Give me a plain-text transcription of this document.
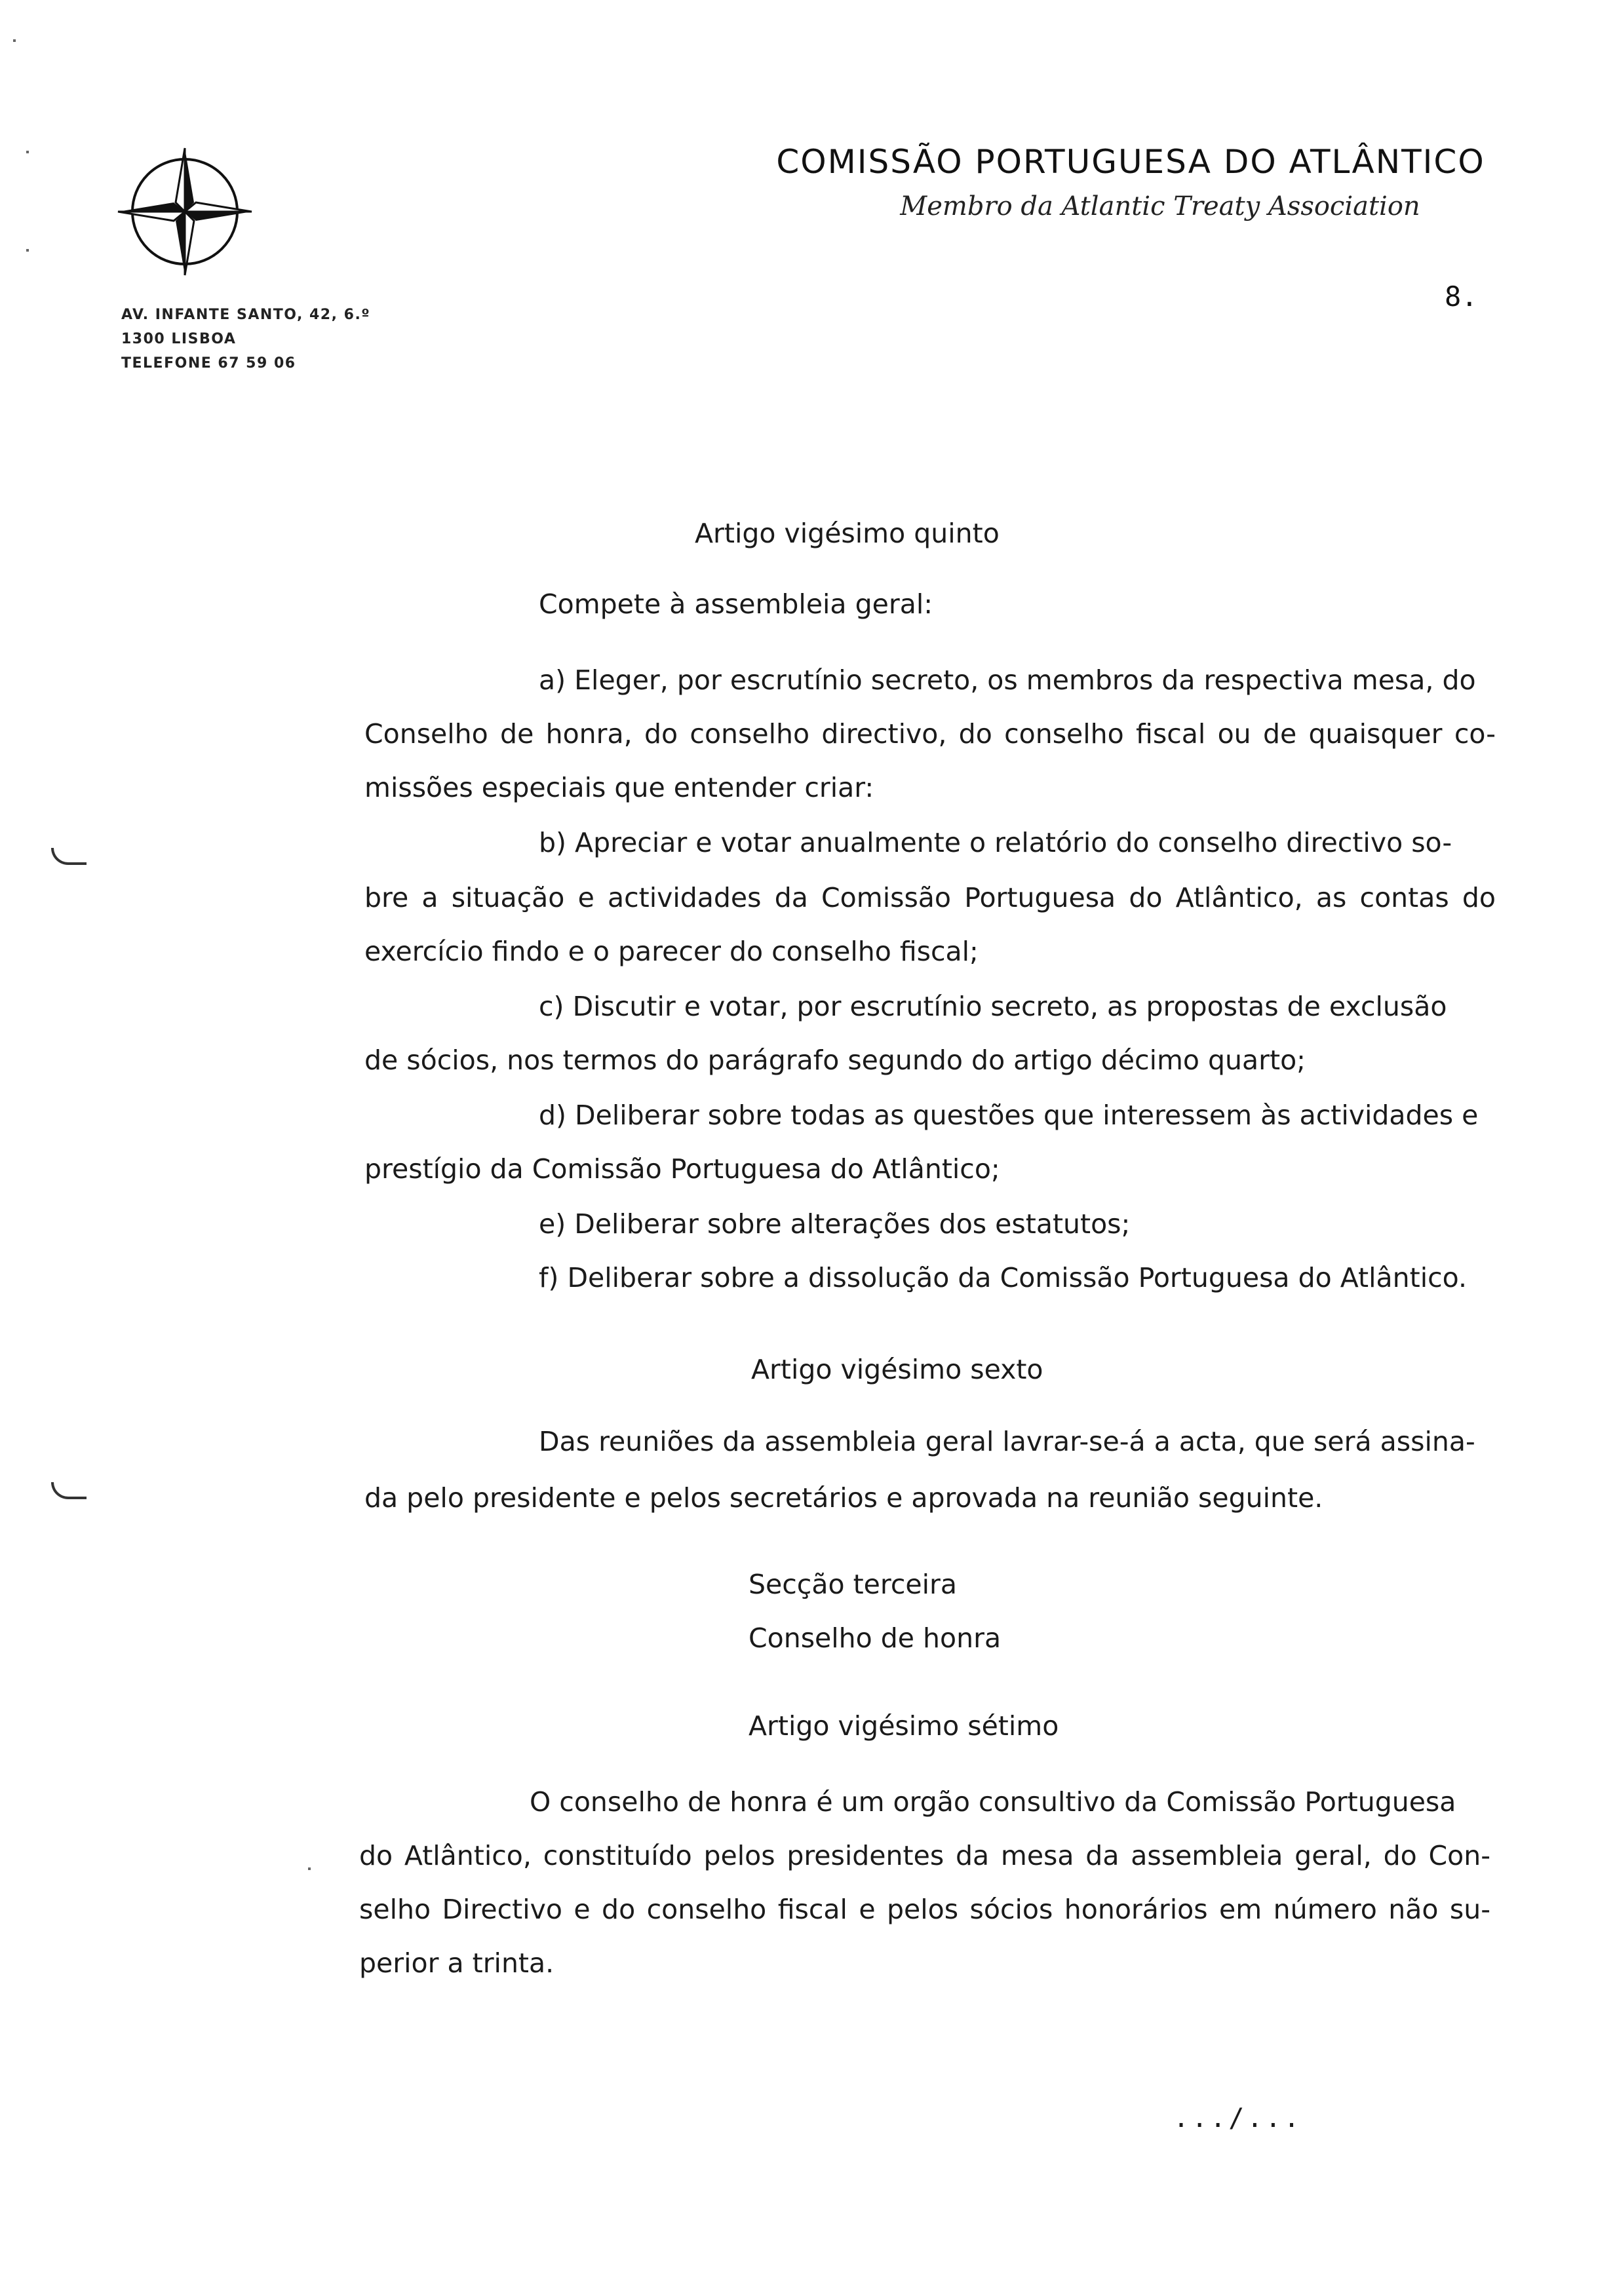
AV. INFANTE SANTO, 42, 6.º
1300 LISBOA
TELEFONE 67 59 06
COMISSÃO PORTUGUESA DO ATLÂNTICO
Membro da Atlantic Treaty Association
8.
Artigo vigésimo quinto
Compete à assembleia geral:
a) Eleger, por escrutínio secreto, os membros da respectiva mesa, do
Conselho de honra, do conselho directivo, do conselho fiscal ou de quaisquer co-
missões especiais que entender criar:
b) Apreciar e votar anualmente o relatório do conselho directivo so-
bre a situação e actividades da Comissão Portuguesa do Atlântico, as contas do
exercício findo e o parecer do conselho fiscal;
c) Discutir e votar, por escrutínio secreto, as propostas de exclusão
de sócios, nos termos do parágrafo segundo do artigo décimo quarto;
d) Deliberar sobre todas as questões que interessem às actividades e
prestígio da Comissão Portuguesa do Atlântico;
e) Deliberar sobre alterações dos estatutos;
f) Deliberar sobre a dissolução da Comissão Portuguesa do Atlântico.
Artigo vigésimo sexto
Das reuniões da assembleia geral lavrar-se-á a acta, que será assina-
da pelo presidente e pelos secretários e aprovada na reunião seguinte.
Secção terceira
Conselho de honra
Artigo vigésimo sétimo
O conselho de honra é um orgão consultivo da Comissão Portuguesa
do Atlântico, constituído pelos presidentes da mesa da assembleia geral, do Con-
selho Directivo e do conselho fiscal e pelos sócios honorários em número não su-
perior a trinta.
.../...
